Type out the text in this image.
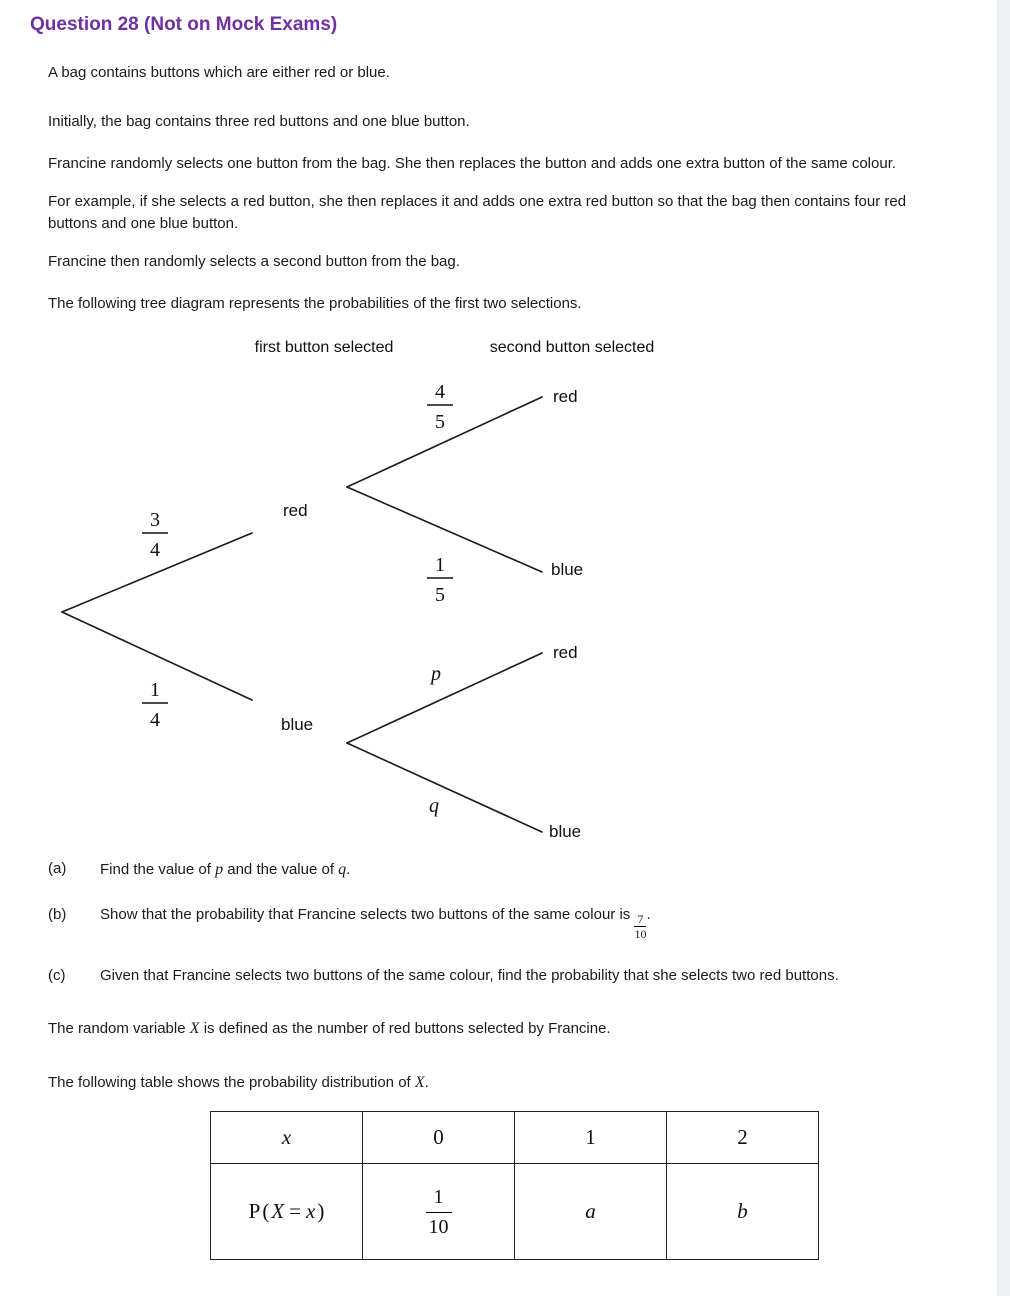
Question 28 (Not on Mock Exams)

A bag contains buttons which are either red or blue.

Initially, the bag contains three red buttons and one blue button.

Francine randomly selects one button from the bag. She then replaces the button and adds one extra button of the same colour.

For example, if she selects a red button, she then replaces it and adds one extra red button so that the bag then contains four red buttons and one blue button.

Francine then randomly selects a second button from the bag.

The following tree diagram represents the probabilities of the first two selections.

first button selected	second button selected
3
4
1
4
4
5
1
5
p
q
red
blue
red
blue
red
blue
(a)	Find the value of p and the value of q.
(b)	Show that the probability that Francine selects two buttons of the same colour is $\frac{7}{10}$ .
(c)	Given that Francine selects two buttons of the same colour, find the probability that she selects two red buttons.

The random variable X is defined as the number of red buttons selected by Francine.

The following table shows the probability distribution of X.

x	0	1	2

P ( X = x )	$\frac{1}{10}$	a	b
